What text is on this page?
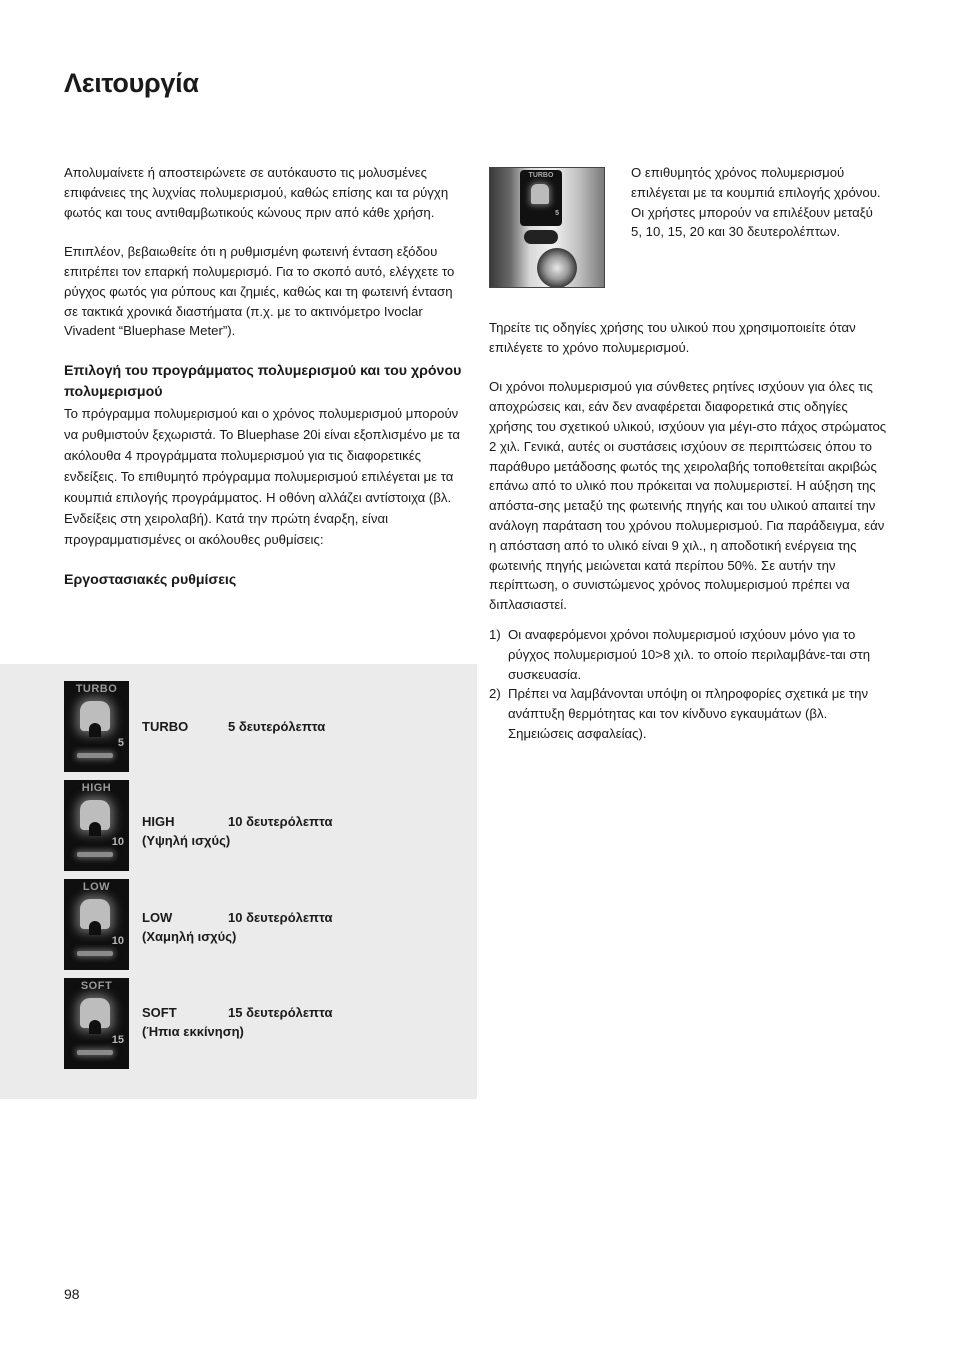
Λειτουργία

Απολυμαίνετε ή αποστειρώνετε σε αυτόκαυστο τις μολυσμένες επιφάνειες της λυχνίας πολυμερισμού, καθώς επίσης και τα ρύγχη φωτός και τους αντιθαμβωτικούς κώνους πριν από κάθε χρήση.

Επιπλέον, βεβαιωθείτε ότι η ρυθμισμένη φωτεινή ένταση εξόδου επιτρέπει τον επαρκή πολυμερισμό. Για το σκοπό αυτό, ελέγχετε το ρύγχος φωτός για ρύπους και ζημιές, καθώς και τη φωτεινή ένταση σε τακτικά χρονικά διαστήματα (π.χ. με το ακτινόμετρο Ivoclar Vivadent “Bluephase Meter”).

Επιλογή του προγράμματος πολυμερισμού και του χρόνου πολυμερισμού

Το πρόγραμμα πολυμερισμού και ο χρόνος πολυμερισμού μπορούν να ρυθμιστούν ξεχωριστά. Το Bluephase 20i είναι εξοπλισμένο με τα ακόλουθα 4 προγράμματα πολυμερισμού για τις διαφορετικές ενδείξεις. Το επιθυμητό πρόγραμμα πολυμερισμού επιλέγεται με τα κουμπιά επιλογής προγράμματος. Η οθόνη αλλάζει αντίστοιχα (βλ. Ενδείξεις στη χειρολαβή). Κατά την πρώτη έναρξη, είναι προγραμματισμένες οι ακόλουθες ρυθμίσεις:

Εργοστασιακές ρυθμίσεις

TURBO
5
TURBO	5 δευτερόλεπτα
HIGH
10
HIGH	10 δευτερόλεπτα
(Υψηλή ισχύς)
LOW
10
LOW	10 δευτερόλεπτα
(Χαμηλή ισχύς)
SOFT
15
SOFT	15 δευτερόλεπτα
(Ήπια εκκίνηση)
TURBO
5

Ο επιθυμητός χρόνος πολυμερισμού επιλέγεται με τα κουμπιά επιλογής χρόνου. Οι χρήστες μπορούν να επιλέξουν μεταξύ 5, 10, 15, 20 και 30 δευτερολέπτων.

Τηρείτε τις οδηγίες χρήσης του υλικού που χρησιμοποιείτε όταν επιλέγετε το χρόνο πολυμερισμού.

Οι χρόνοι πολυμερισμού για σύνθετες ρητίνες ισχύουν για όλες τις αποχρώσεις και, εάν δεν αναφέρεται διαφορετικά στις οδηγίες χρήσης του σχετικού υλικού, ισχύουν για μέγι-στο πάχος στρώματος 2 χιλ. Γενικά, αυτές οι συστάσεις ισχύουν σε περιπτώσεις όπου το παράθυρο μετάδοσης φωτός της χειρολαβής τοποθετείται ακριβώς επάνω από το υλικό που πρόκειται να πολυμεριστεί. Η αύξηση της απόστα-σης μεταξύ της φωτεινής πηγής και του υλικού απαιτεί την ανάλογη παράταση του χρόνου πολυμερισμού. Για παράδειγμα, εάν η απόσταση από το υλικό είναι 9 χιλ., η αποδοτική ενέργεια της φωτεινής πηγής μειώνεται κατά περίπου 50%. Σε αυτήν την περίπτωση, ο συνιστώμενος χρόνος πολυμερισμού πρέπει να διπλασιαστεί.

1) Οι αναφερόμενοι χρόνοι πολυμερισμού ισχύουν μόνο για το ρύγχος πολυμερισμού 10>8 χιλ. το οποίο περιλαμβάνε-ται στη συσκευασία.
2) Πρέπει να λαμβάνονται υπόψη οι πληροφορίες σχετικά με την ανάπτυξη θερμότητας και τον κίνδυνο εγκαυμάτων (βλ. Σημειώσεις ασφαλείας).
98
